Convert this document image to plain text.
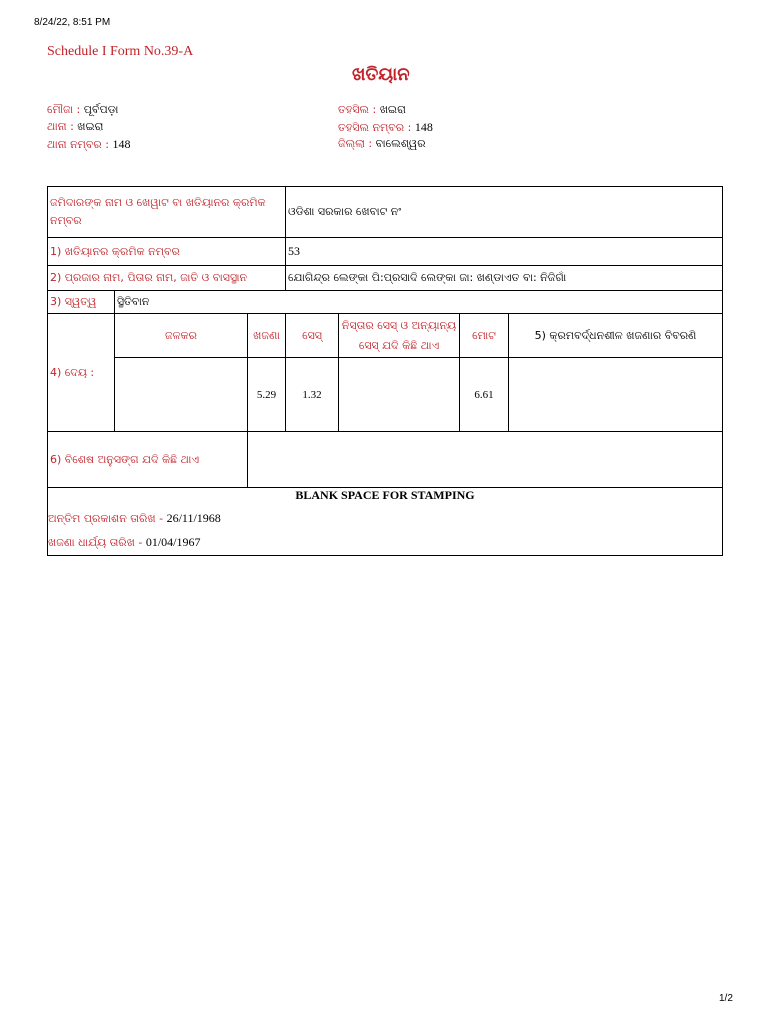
8/24/22, 8:51 PM
Schedule I Form No.39-A
ଖତିୟାନ
ମୌଜା : ପୂର୍ବପଡ଼ା
ଥାନା : ଖଇରା
ଥାନା ନମ୍ବର : 148
ତହସିଲ : ଖଇରା
ତହସିଲ ନମ୍ବର : 148
ଜିଲ୍ଲା : ବାଲେଶ୍ୱର
ଜମିଦାରଙ୍କ ନାମ ଓ ଖେୱାଟ ବା ଖତିୟାନର କ୍ରମିକ ନମ୍ବର			ଓଡିଶା ସରକାର ଖେବାଟ ନଂ			
1) ଖତିୟାନର କ୍ରମିକ ନମ୍ବର			53			
2) ପ୍ରଜାର ନାମ, ପିତାର ନାମ, ଜାତି ଓ ବାସସ୍ଥାନ			ଯୋଗିନ୍ଦ୍ର ଲେଙ୍କା ପି:ପ୍ରସାଦି ଲେଙ୍କା ଜା: ଖଣ୍ଡାଏତ ବା: ନିଜିଗାଁ			
3) ସ୍ୱତ୍ୱ	ସ୍ଥିତିବାନ					
4) ଦେୟ :	ଜଳକର	ଖଜଣା	ସେସ୍	ନିସ୍ତାର ସେସ୍ ଓ ଅନ୍ୟାନ୍ୟ ସେସ୍ ଯଦି କିଛି ଥାଏ	ମୋଟ	5) କ୍ରମବର୍ଦ୍ଧନଶୀଳ ଖଜଣାର ବିବରଣି
		5.29	1.32		6.61	
6) ବିଶେଷ ଅନୁସଙ୍ଗ ଯଦି କିଛି ଥାଏ						

BLANK SPACE FOR STAMPING
ଅନ୍ତିମ ପ୍ରକାଶନ ତାରିଖ - 26/11/1968
ଖଜଣା ଧାର୍ଯ୍ୟ ତାରିଖ - 01/04/1967						
1/2
